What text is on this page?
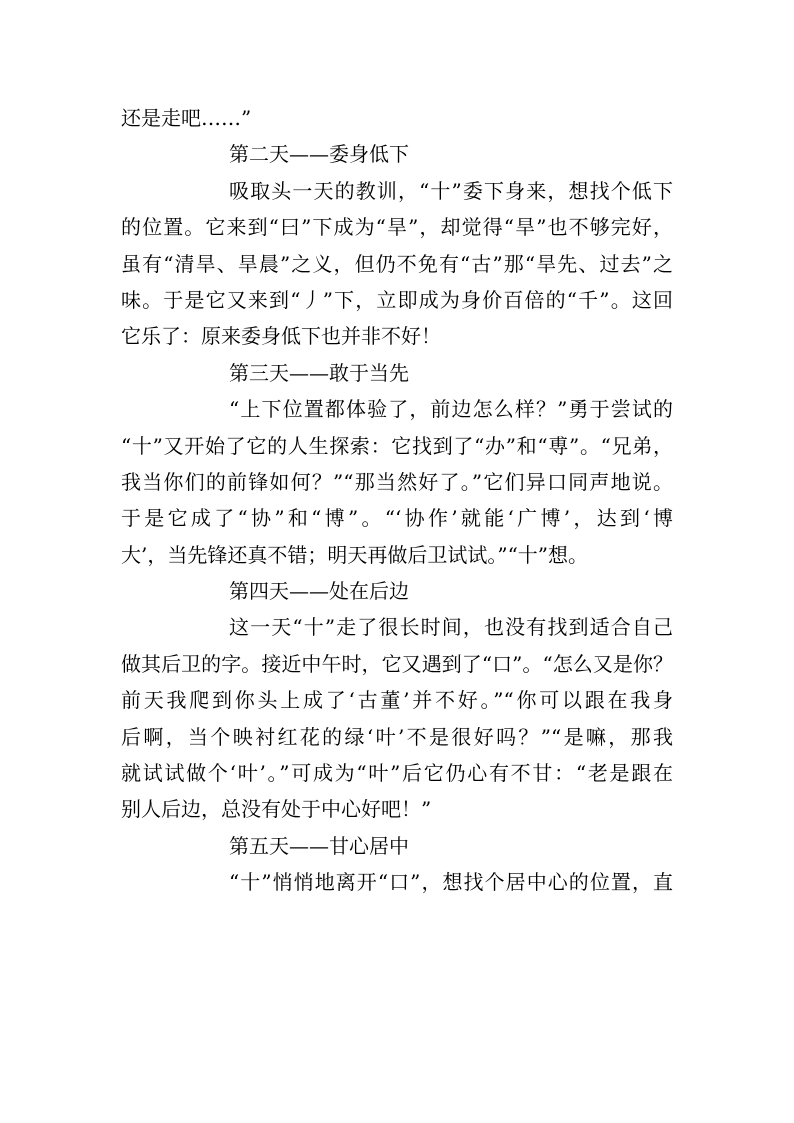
还是走吧……”
第二天——委身低下
吸取头一天的教训，“十”委下身来，想找个低下
的位置。它来到“曰”下成为“旱”，却觉得“旱”也不够完好，
虽有“清旱、旱晨”之义，但仍不免有“古”那“旱先、过去”之
味。于是它又来到“丿”下，立即成为身价百倍的“千”。这回
它乐了：原来委身低下也并非不好！
第三天——敢于当先
“上下位置都体验了，前边怎么样？”勇于尝试的
“十”又开始了它的人生探索：它找到了“办”和“尃”。“兄弟，
我当你们的前锋如何？”“那当然好了。”它们异口同声地说。
于是它成了“协”和“博”。“‘协作’就能‘广博’，达到‘博
大’，当先锋还真不错；明天再做后卫试试。”“十”想。
第四天——处在后边
这一天“十”走了很长时间，也没有找到适合自己
做其后卫的字。接近中午时，它又遇到了“口”。“怎么又是你？
前天我爬到你头上成了‘古董’并不好。”“你可以跟在我身
后啊，当个映衬红花的绿‘叶’不是很好吗？”“是嘛，那我
就试试做个‘叶’。”可成为“叶”后它仍心有不甘：“老是跟在
别人后边，总没有处于中心好吧！”
第五天——甘心居中
“十”悄悄地离开“口”，想找个居中心的位置，直
